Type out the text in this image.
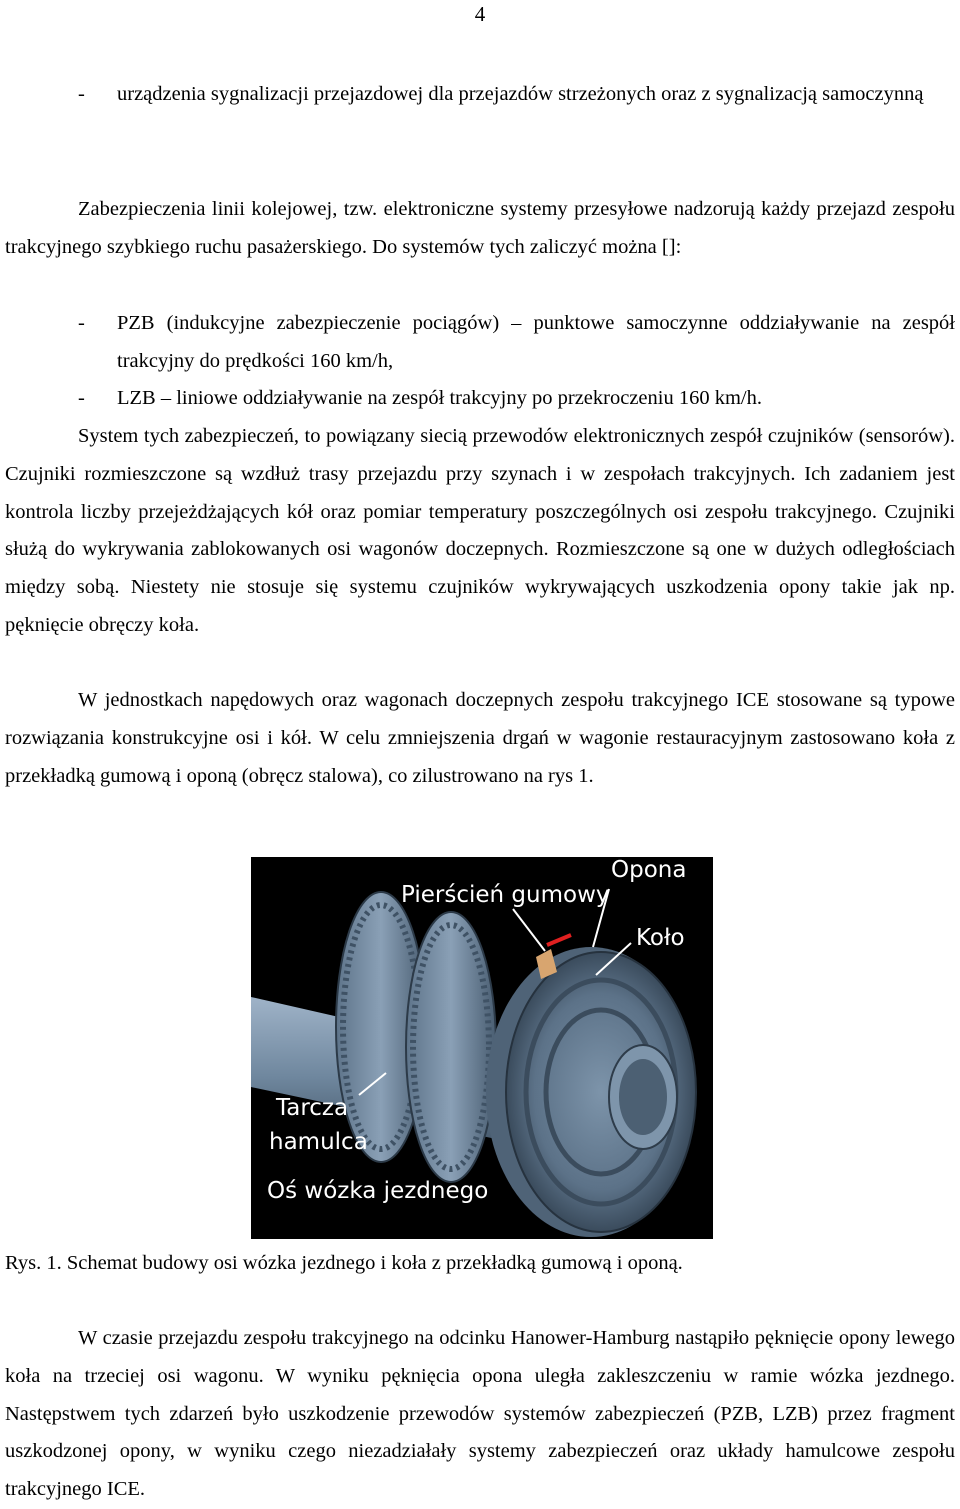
4
- urządzenia sygnalizacji przejazdowej dla przejazdów strzeżonych oraz z sygnalizacją samoczynną
Zabezpieczenia linii kolejowej, tzw. elektroniczne systemy przesyłowe nadzorują każdy przejazd zespołu trakcyjnego szybkiego ruchu pasażerskiego. Do systemów tych zaliczyć można []:
- PZB (indukcyjne zabezpieczenie pociągów) – punktowe samoczynne oddziaływanie na zespół trakcyjny do prędkości 160 km/h,
- LZB – liniowe oddziaływanie na zespół trakcyjny po przekroczeniu 160 km/h.
System tych zabezpieczeń, to powiązany siecią przewodów elektronicznych zespół czujników (sensorów). Czujniki rozmieszczone są wzdłuż trasy przejazdu przy szynach i w zespołach trakcyjnych. Ich zadaniem jest kontrola liczby przejeżdżających kół oraz pomiar temperatury poszczególnych osi zespołu trakcyjnego. Czujniki służą do wykrywania zablokowanych osi wagonów doczepnych. Rozmieszczone są one w dużych odległościach między sobą. Niestety nie stosuje się systemu czujników wykrywających uszkodzenia opony takie jak np. pęknięcie obręczy koła.
W jednostkach napędowych oraz wagonach doczepnych zespołu trakcyjnego ICE stosowane są typowe rozwiązania konstrukcyjne osi i kół. W celu zmniejszenia drgań w wagonie restauracyjnym zastosowano koła z przekładką gumową i oponą (obręcz stalowa), co zilustrowano na rys 1.
Opona
Pierścień gumowy
Koło
Tarcza
hamulca
Oś wózka jezdnego
Rys. 1. Schemat budowy osi wózka jezdnego i koła z przekładką gumową i oponą.
W czasie przejazdu zespołu trakcyjnego na odcinku Hanower-Hamburg nastąpiło pęknięcie opony lewego koła na trzeciej osi wagonu. W wyniku pęknięcia opona uległa zakleszczeniu w ramie wózka jezdnego. Następstwem tych zdarzeń było uszkodzenie przewodów systemów zabezpieczeń (PZB, LZB) przez fragment uszkodzonej opony, w wyniku czego niezadziałały systemy zabezpieczeń oraz układy hamulcowe zespołu trakcyjnego ICE.
